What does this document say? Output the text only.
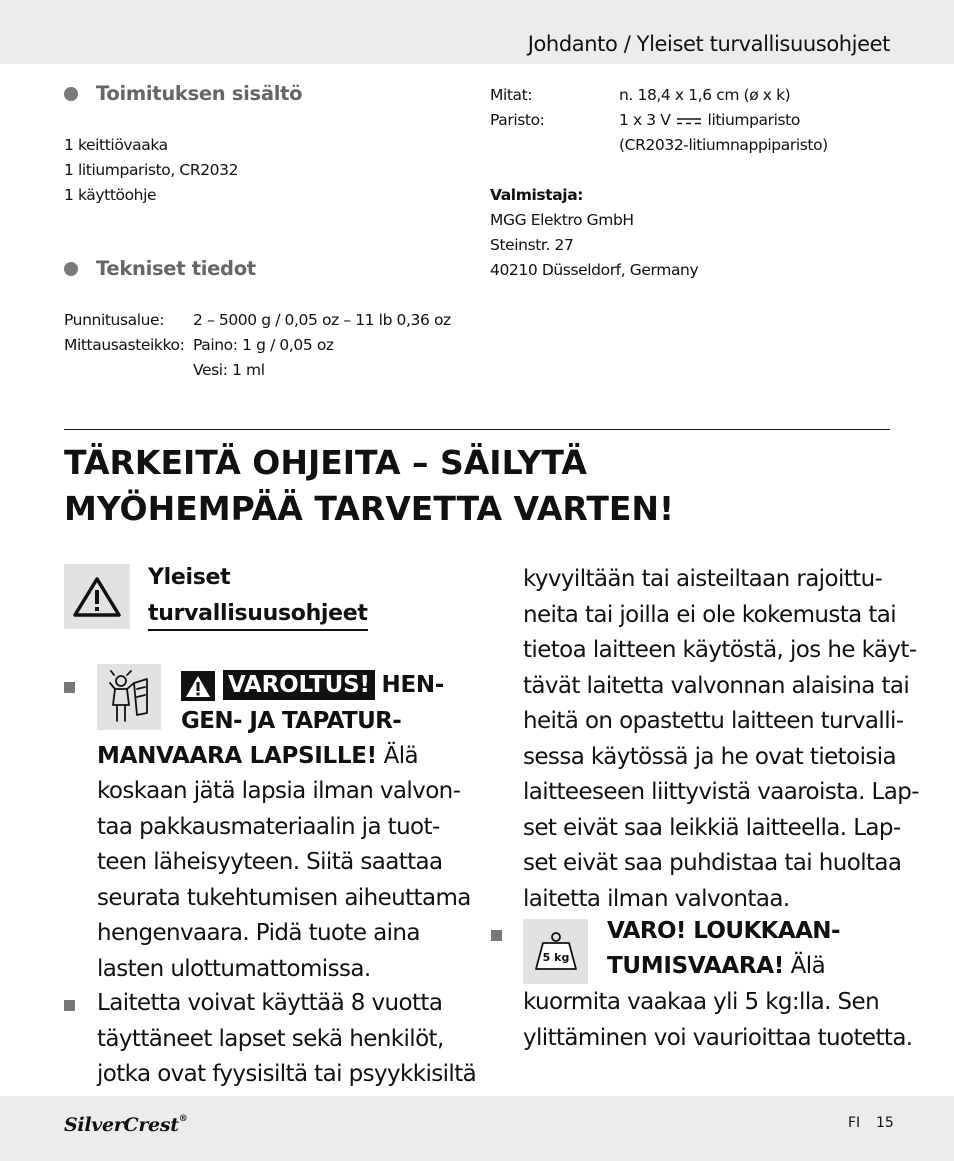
Johdanto / Yleiset turvallisuusohjeet
Toimituksen sisältö
1 keittiövaaka
1 litiumparisto, CR2032
1 käyttöohje
Tekniset tiedot
Punnitusalue: 2 – 5000 g / 0,05 oz – 11 lb 0,36 oz
Mittausasteikko: Paino: 1 g / 0,05 oz
Vesi: 1 ml
Mitat:	n. 18,4 x 1,6 cm (ø x k)
Paristo:	1 x 3 V litiumparisto
(CR2032-litiumnappiparisto)
Valmistaja:
MGG Elektro GmbH
Steinstr. 27
40210 Düsseldorf, Germany
TÄRKEITÄ OHJEITA – SÄILYTÄ
MYÖHEMPÄÄ TARVETTA VARTEN!
Yleiset
turvallisuusohjeet
VAROLTUS! HEN-
GEN- JA TAPATUR-
MANVAARA LAPSILLE! Älä
koskaan jätä lapsia ilman valvon-
taa pakkausmateriaalin ja tuot-
teen läheisyyteen. Siitä saattaa
seurata tukehtumisen aiheuttama
hengenvaara. Pidä tuote aina
lasten ulottumattomissa.
Laitetta voivat käyttää 8 vuotta
täyttäneet lapset sekä henkilöt,
jotka ovat fyysisiltä tai psyykkisiltä
kyvyiltään tai aisteiltaan rajoittu-
neita tai joilla ei ole kokemusta tai
tietoa laitteen käytöstä, jos he käyt-
tävät laitetta valvonnan alaisina tai
heitä on opastettu laitteen turvalli-
sessa käytössä ja he ovat tietoisia
laitteeseen liittyvistä vaaroista. Lap-
set eivät saa leikkiä laitteella. Lap-
set eivät saa puhdistaa tai huoltaa
laitetta ilman valvontaa.
5 kg
VARO! LOUKKAAN-
TUMISVAARA! Älä
kuormita vaakaa yli 5 kg:lla. Sen
ylittäminen voi vaurioittaa tuotetta.
SilverCrest®	FI 15
